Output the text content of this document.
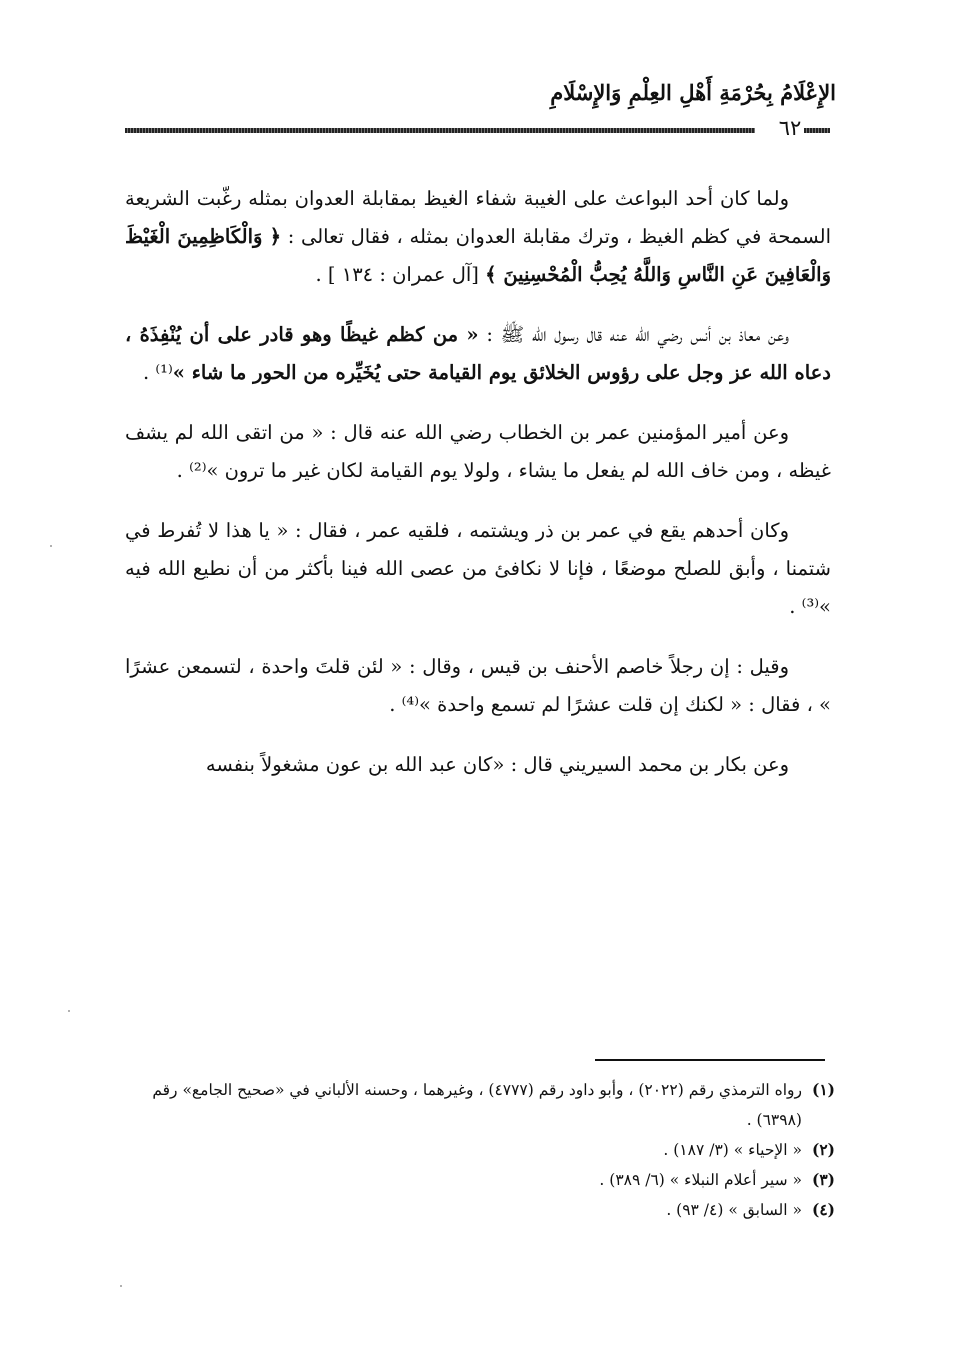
الإِعْلَامُ بِحُرْمَةِ أَهْلِ العِلْمِ وَالإِسْلَامِ
٦٢

ولما كان أحد البواعث على الغيبة شفاء الغيظ بمقابلة العدوان بمثله رغّبت الشريعة السمحة في كظم الغيظ ، وترك مقابلة العدوان بمثله ، فقال تعالى : ﴿ وَالْكَاظِمِينَ الْغَيْظَ وَالْعَافِينَ عَنِ النَّاسِ وَاللَّهُ يُحِبُّ الْمُحْسِنِينَ ﴾ [آل عمران : ١٣٤ ] .

وعن معاذ بن أنس رضي الله عنه قال رسول الله ﷺ : « من كظم غيظًا وهو قادر على أن يُنْفِذَهُ ، دعاه الله عز وجل على رؤوس الخلائق يوم القيامة حتى يُخَيِّره من الحور ما شاء »⁽¹⁾ .

وعن أمير المؤمنين عمر بن الخطاب رضي الله عنه قال : « من اتقى الله لم يشف غيظه ، ومن خاف الله لم يفعل ما يشاء ، ولولا يوم القيامة لكان غير ما ترون »⁽²⁾ .

وكان أحدهم يقع في عمر بن ذر ويشتمه ، فلقيه عمر ، فقال : « يا هذا لا تُفرط في شتمنا ، وأبق للصلح موضعًا ، فإنا لا نكافئ من عصى الله فينا بأكثر من أن نطيع الله فيه »⁽³⁾ .

وقيل : إن رجلاً خاصم الأحنف بن قيس ، وقال : « لئن قلتَ واحدة ، لتسمعن عشرًا » ، فقال : « لكنك إن قلت عشرًا لم تسمع واحدة »⁽⁴⁾ .

وعن بكار بن محمد السيريني قال : «كان عبد الله بن عون مشغولاً بنفسه

(١)
رواه الترمذي رقم (٢٠٢٢) ، وأبو داود رقم (٤٧٧٧) ، وغيرهما ، وحسنه الألباني في «صحيح الجامع» رقم (٦٣٩٨) .
(٢)
« الإحياء » (٣/ ١٨٧) .
(٣)
« سير أعلام النبلاء » (٦/ ٣٨٩) .
(٤)
« السابق » (٤/ ٩٣) .
